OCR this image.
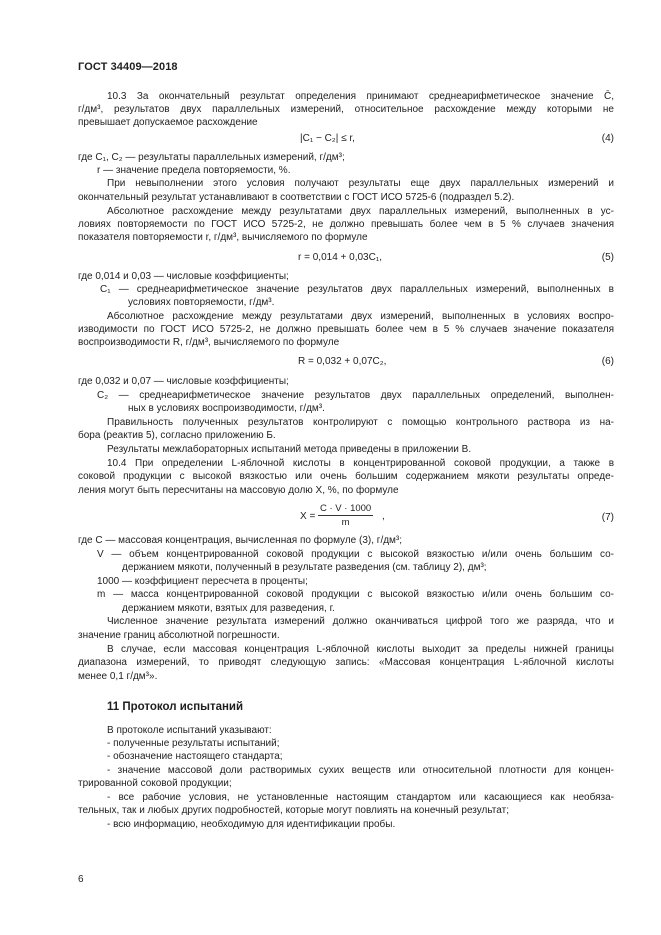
ГОСТ 34409—2018
10.3 За окончательный результат определения принимают среднеарифметическое значение C̄,
г/дм³, результатов двух параллельных измерений, относительное расхождение между которыми не
превышает допускаемое расхождение
|C₁ − C₂| ≤ r,	(4)
где C₁, C₂ — результаты параллельных измерений, г/дм³;
r — значение предела повторяемости, %.
При невыполнении этого условия получают результаты еще двух параллельных измерений и
окончательный результат устанавливают в соответствии с ГОСТ ИСО 5725-6 (подраздел 5.2).
Абсолютное расхождение между результатами двух параллельных измерений, выполненных в ус-
ловиях повторяемости по ГОСТ ИСО 5725-2, не должно превышать более чем в 5 % случаев значения
показателя повторяемости r, г/дм³, вычисляемого по формуле
r = 0,014 + 0,03C₁,	(5)
где 0,014 и 0,03 — числовые коэффициенты;
C₁ — среднеарифметическое значение результатов двух параллельных измерений, выполненных в
условиях повторяемости, г/дм³.
Абсолютное расхождение между результатами двух измерений, выполненных в условиях воспро-
изводимости по ГОСТ ИСО 5725-2, не должно превышать более чем в 5 % случаев значение показателя
воспроизводимости R, г/дм³, вычисляемого по формуле
R = 0,032 + 0,07C₂,	(6)
где 0,032 и 0,07 — числовые коэффициенты;
C₂ — среднеарифметическое значение результатов двух параллельных определений, выполнен-
ных в условиях воспроизводимости, г/дм³.
Правильность полученных результатов контролируют с помощью контрольного раствора из на-
бора (реактив 5), согласно приложению Б.
Результаты межлабораторных испытаний метода приведены в приложении В.
10.4 При определении L-яблочной кислоты в концентрированной соковой продукции, а также в
соковой продукции с высокой вязкостью или очень большим содержанием мякоти результаты опреде-
ления могут быть пересчитаны на массовую долю X, %, по формуле
$X = \frac{C \cdot V \cdot 1000}{m}$ ,	(7)
где C — массовая концентрация, вычисленная по формуле (3), г/дм³;
V — объем концентрированной соковой продукции с высокой вязкостью и/или очень большим со-
держанием мякоти, полученный в результате разведения (см. таблицу 2), дм³;
1000 — коэффициент пересчета в проценты;
m — масса концентрированной соковой продукции с высокой вязкостью и/или очень большим со-
держанием мякоти, взятых для разведения, г.
Численное значение результата измерений должно оканчиваться цифрой того же разряда, что и
значение границ абсолютной погрешности.
В случае, если массовая концентрация L-яблочной кислоты выходит за пределы нижней границы
диапазона измерений, то приводят следующую запись: «Массовая концентрация L-яблочной кислоты
менее 0,1 г/дм³».
11 Протокол испытаний
В протоколе испытаний указывают:
- полученные результаты испытаний;
- обозначение настоящего стандарта;
- значение массовой доли растворимых сухих веществ или относительной плотности для концен-
трированной соковой продукции;
- все рабочие условия, не установленные настоящим стандартом или касающиеся как необяза-
тельных, так и любых других подробностей, которые могут повлиять на конечный результат;
- всю информацию, необходимую для идентификации пробы.
6
